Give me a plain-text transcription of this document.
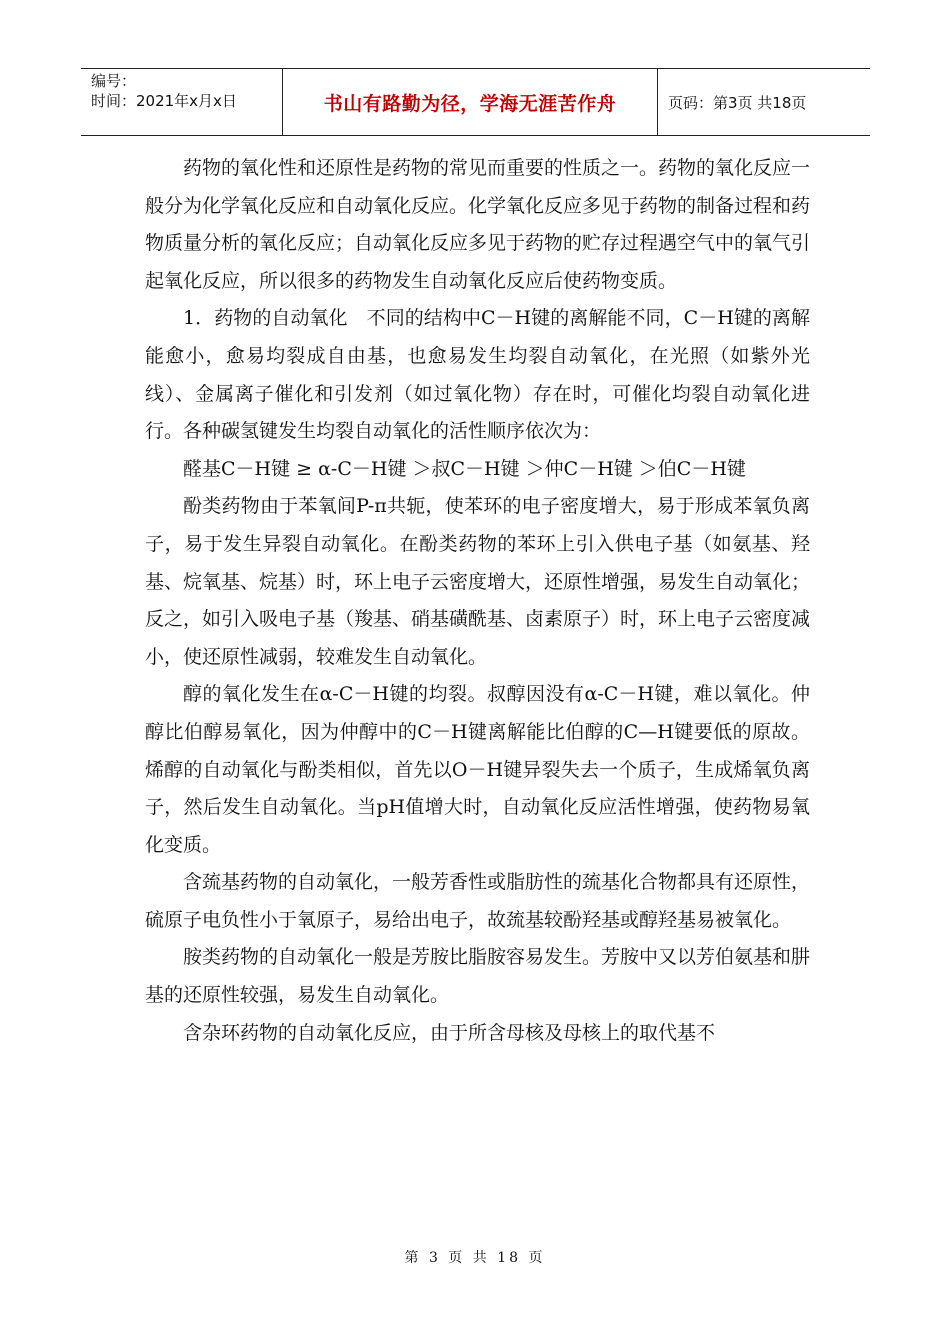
编号：
时间：2021年x月x日	书山有路勤为径，学海无涯苦作舟	页码：第3页 共18页

药物的氧化性和还原性是药物的常见而重要的性质之一。药物的氧化反应一般分为化学氧化反应和自动氧化反应。化学氧化反应多见于药物的制备过程和药物质量分析的氧化反应；自动氧化反应多见于药物的贮存过程遇空气中的氧气引起氧化反应，所以很多的药物发生自动氧化反应后使药物变质。

1．药物的自动氧化　不同的结构中C－H键的离解能不同，C－H键的离解能愈小，愈易均裂成自由基，也愈易发生均裂自动氧化，在光照（如紫外光线）、金属离子催化和引发剂（如过氧化物）存在时，可催化均裂自动氧化进行。各种碳氢键发生均裂自动氧化的活性顺序依次为：

醛基C－H键 ≥ α-C－H键 ＞叔C－H键 ＞仲C－H键 ＞伯C－H键

酚类药物由于苯氧间P-π共轭，使苯环的电子密度增大，易于形成苯氧负离子，易于发生异裂自动氧化。在酚类药物的苯环上引入供电子基（如氨基、羟基、烷氧基、烷基）时，环上电子云密度增大，还原性增强，易发生自动氧化；反之，如引入吸电子基（羧基、硝基磺酰基、卤素原子）时，环上电子云密度减小，使还原性减弱，较难发生自动氧化。

醇的氧化发生在α-C－H键的均裂。叔醇因没有α-C－H键，难以氧化。仲醇比伯醇易氧化，因为仲醇中的C－H键离解能比伯醇的C—H键要低的原故。烯醇的自动氧化与酚类相似，首先以O－H键异裂失去一个质子，生成烯氧负离子，然后发生自动氧化。当pH值增大时，自动氧化反应活性增强，使药物易氧化变质。

含巯基药物的自动氧化，一般芳香性或脂肪性的巯基化合物都具有还原性，硫原子电负性小于氧原子，易给出电子，故巯基较酚羟基或醇羟基易被氧化。

胺类药物的自动氧化一般是芳胺比脂胺容易发生。芳胺中又以芳伯氨基和肼基的还原性较强，易发生自动氧化。

含杂环药物的自动氧化反应，由于所含母核及母核上的取代基不

第 3 页 共 18 页
